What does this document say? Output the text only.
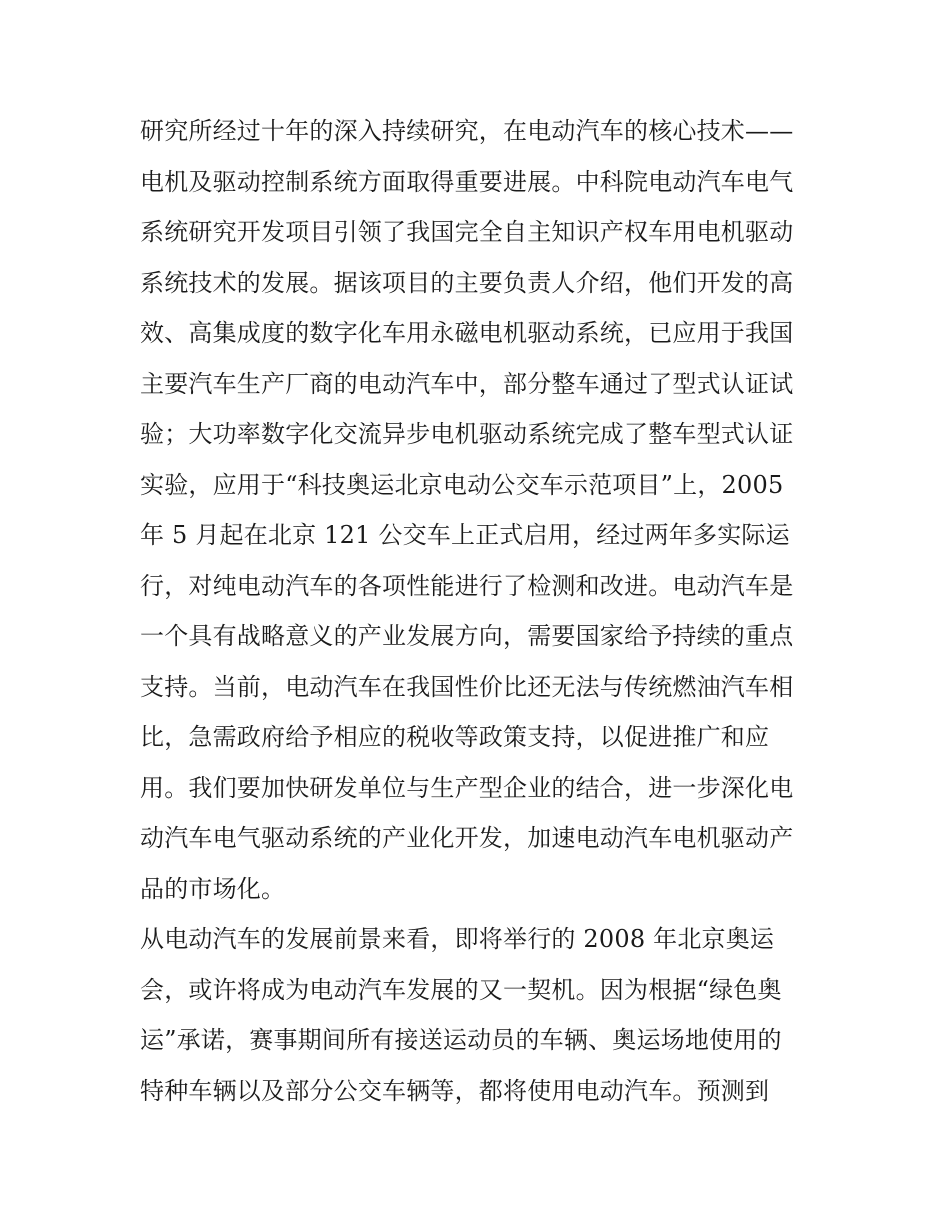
研究所经过十年的深入持续研究，在电动汽车的核心技术——
电机及驱动控制系统方面取得重要进展。中科院电动汽车电气
系统研究开发项目引领了我国完全自主知识产权车用电机驱动
系统技术的发展。据该项目的主要负责人介绍，他们开发的高
效、高集成度的数字化车用永磁电机驱动系统，已应用于我国
主要汽车生产厂商的电动汽车中，部分整车通过了型式认证试
验；大功率数字化交流异步电机驱动系统完成了整车型式认证
实验，应用于“科技奥运北京电动公交车示范项目”上，2005
年 5 月起在北京 121 公交车上正式启用，经过两年多实际运
行，对纯电动汽车的各项性能进行了检测和改进。电动汽车是
一个具有战略意义的产业发展方向，需要国家给予持续的重点
支持。当前，电动汽车在我国性价比还无法与传统燃油汽车相
比，急需政府给予相应的税收等政策支持，以促进推广和应
用。我们要加快研发单位与生产型企业的结合，进一步深化电
动汽车电气驱动系统的产业化开发，加速电动汽车电机驱动产
品的市场化。
从电动汽车的发展前景来看，即将举行的 2008 年北京奥运
会，或许将成为电动汽车发展的又一契机。因为根据“绿色奥
运”承诺，赛事期间所有接送运动员的车辆、奥运场地使用的
特种车辆以及部分公交车辆等，都将使用电动汽车。预测到
